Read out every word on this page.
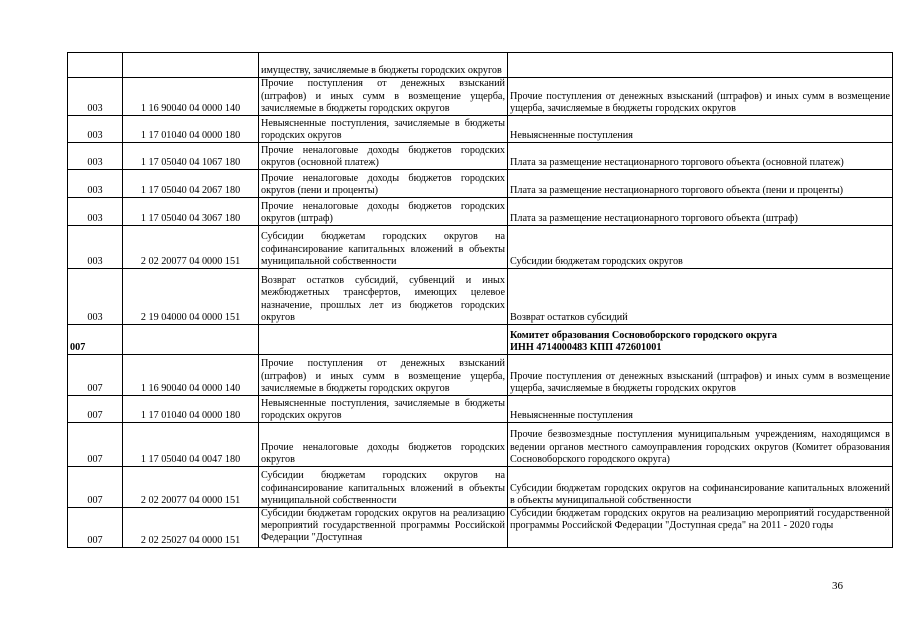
		имуществу, зачисляемые в бюджеты городских округов	

003	1 16 90040 04 0000 140	Прочие поступления от денежных взысканий (штрафов) и иных сумм в возмещение ущерба, зачисляемые в бюджеты городских округов	Прочие поступления от денежных взысканий (штрафов) и иных сумм в возмещение ущерба, зачисляемые в бюджеты городских округов

003	1 17 01040 04 0000 180	Невыясненные поступления, зачисляемые в бюджеты городских округов	Невыясненные поступления

003	1 17 05040 04 1067 180	Прочие неналоговые доходы бюджетов городских округов (основной платеж)	Плата за размещение нестационарного торгового объекта (основной платеж)

003	1 17 05040 04 2067 180	Прочие неналоговые доходы бюджетов городских округов (пени и проценты)	Плата за размещение нестационарного торгового объекта (пени и проценты)

003	1 17 05040 04 3067 180	Прочие неналоговые доходы бюджетов городских округов (штраф)	Плата за размещение нестационарного торгового объекта (штраф)

003	2 02 20077 04 0000 151	Субсидии бюджетам городских округов на софинансирование капитальных вложений в объекты муниципальной собственности	Субсидии бюджетам городских округов

003	2 19 04000 04 0000 151	Возврат остатков субсидий, субвенций и иных межбюджетных трансфертов, имеющих целевое назначение, прошлых лет из бюджетов городских округов	Возврат остатков субсидий

007			Комитет образования Сосновоборского городского округа
ИНН 4714000483 КПП 472601001

007	1 16 90040 04 0000 140	Прочие поступления от денежных взысканий (штрафов) и иных сумм в возмещение ущерба, зачисляемые в бюджеты городских округов	Прочие поступления от денежных взысканий (штрафов) и иных сумм в возмещение ущерба, зачисляемые в бюджеты городских округов

007	1 17 01040 04 0000 180	Невыясненные поступления, зачисляемые в бюджеты городских округов	Невыясненные поступления

007	1 17 05040 04 0047 180	Прочие неналоговые доходы бюджетов городских округов	Прочие безвозмездные поступления муниципальным учреждениям, находящимся в ведении органов местного самоуправления городских округов (Комитет образования Сосновоборского городского округа)

007	2 02 20077 04 0000 151	Субсидии бюджетам городских округов на софинансирование капитальных вложений в объекты муниципальной собственности	Субсидии бюджетам городских округов на софинансирование капитальных вложений в объекты муниципальной собственности

007	2 02 25027 04 0000 151	Субсидии бюджетам городских округов на реализацию мероприятий государственной программы Российской Федерации "Доступная	Субсидии бюджетам городских округов на реализацию мероприятий государственной программы Российской Федерации "Доступная среда" на 2011 - 2020 годы
36
